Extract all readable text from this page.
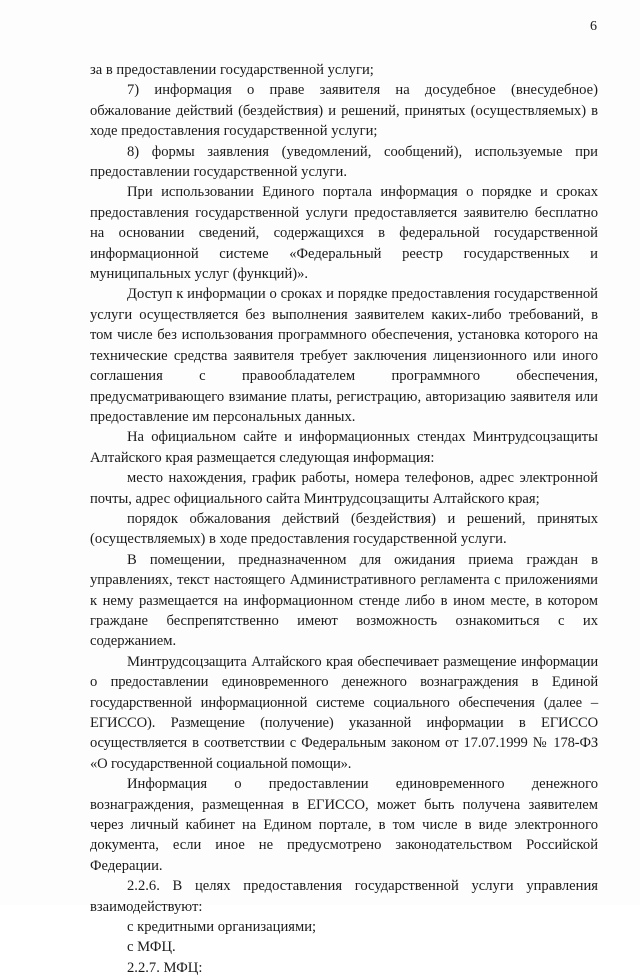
6

за в предоставлении государственной услуги;

7) информация о праве заявителя на досудебное (внесудебное) обжалование действий (бездействия) и решений, принятых (осуществляемых) в ходе предоставления государственной услуги;

8) формы заявления (уведомлений, сообщений), используемые при предоставлении государственной услуги.

При использовании Единого портала информация о порядке и сроках предоставления государственной услуги предоставляется заявителю бесплатно на основании сведений, содержащихся в федеральной государственной информационной системе «Федеральный реестр государственных и муниципальных услуг (функций)».

Доступ к информации о сроках и порядке предоставления государственной услуги осуществляется без выполнения заявителем каких-либо требований, в том числе без использования программного обеспечения, установка которого на технические средства заявителя требует заключения лицензионного или иного соглашения с правообладателем программного обеспечения, предусматривающего взимание платы, регистрацию, авторизацию заявителя или предоставление им персональных данных.

На официальном сайте и информационных стендах Минтрудсоцзащиты Алтайского края размещается следующая информация:

место нахождения, график работы, номера телефонов, адрес электронной почты, адрес официального сайта Минтрудсоцзащиты Алтайского края;

порядок обжалования действий (бездействия) и решений, принятых (осуществляемых) в ходе предоставления государственной услуги.

В помещении, предназначенном для ожидания приема граждан в управлениях, текст настоящего Административного регламента с приложениями к нему размещается на информационном стенде либо в ином месте, в котором граждане беспрепятственно имеют возможность ознакомиться с их содержанием.

Минтрудсоцзащита Алтайского края обеспечивает размещение информации о предоставлении единовременного денежного вознаграждения в Единой государственной информационной системе социального обеспечения (далее – ЕГИССО). Размещение (получение) указанной информации в ЕГИССО осуществляется в соответствии с Федеральным законом от 17.07.1999 № 178-ФЗ «О государственной социальной помощи».

Информация о предоставлении единовременного денежного вознаграждения, размещенная в ЕГИССО, может быть получена заявителем через личный кабинет на Едином портале, в том числе в виде электронного документа, если иное не предусмотрено законодательством Российской Федерации.

2.2.6. В целях предоставления государственной услуги управления взаимодействуют:

с кредитными организациями;

с МФЦ.

2.2.7. МФЦ:
